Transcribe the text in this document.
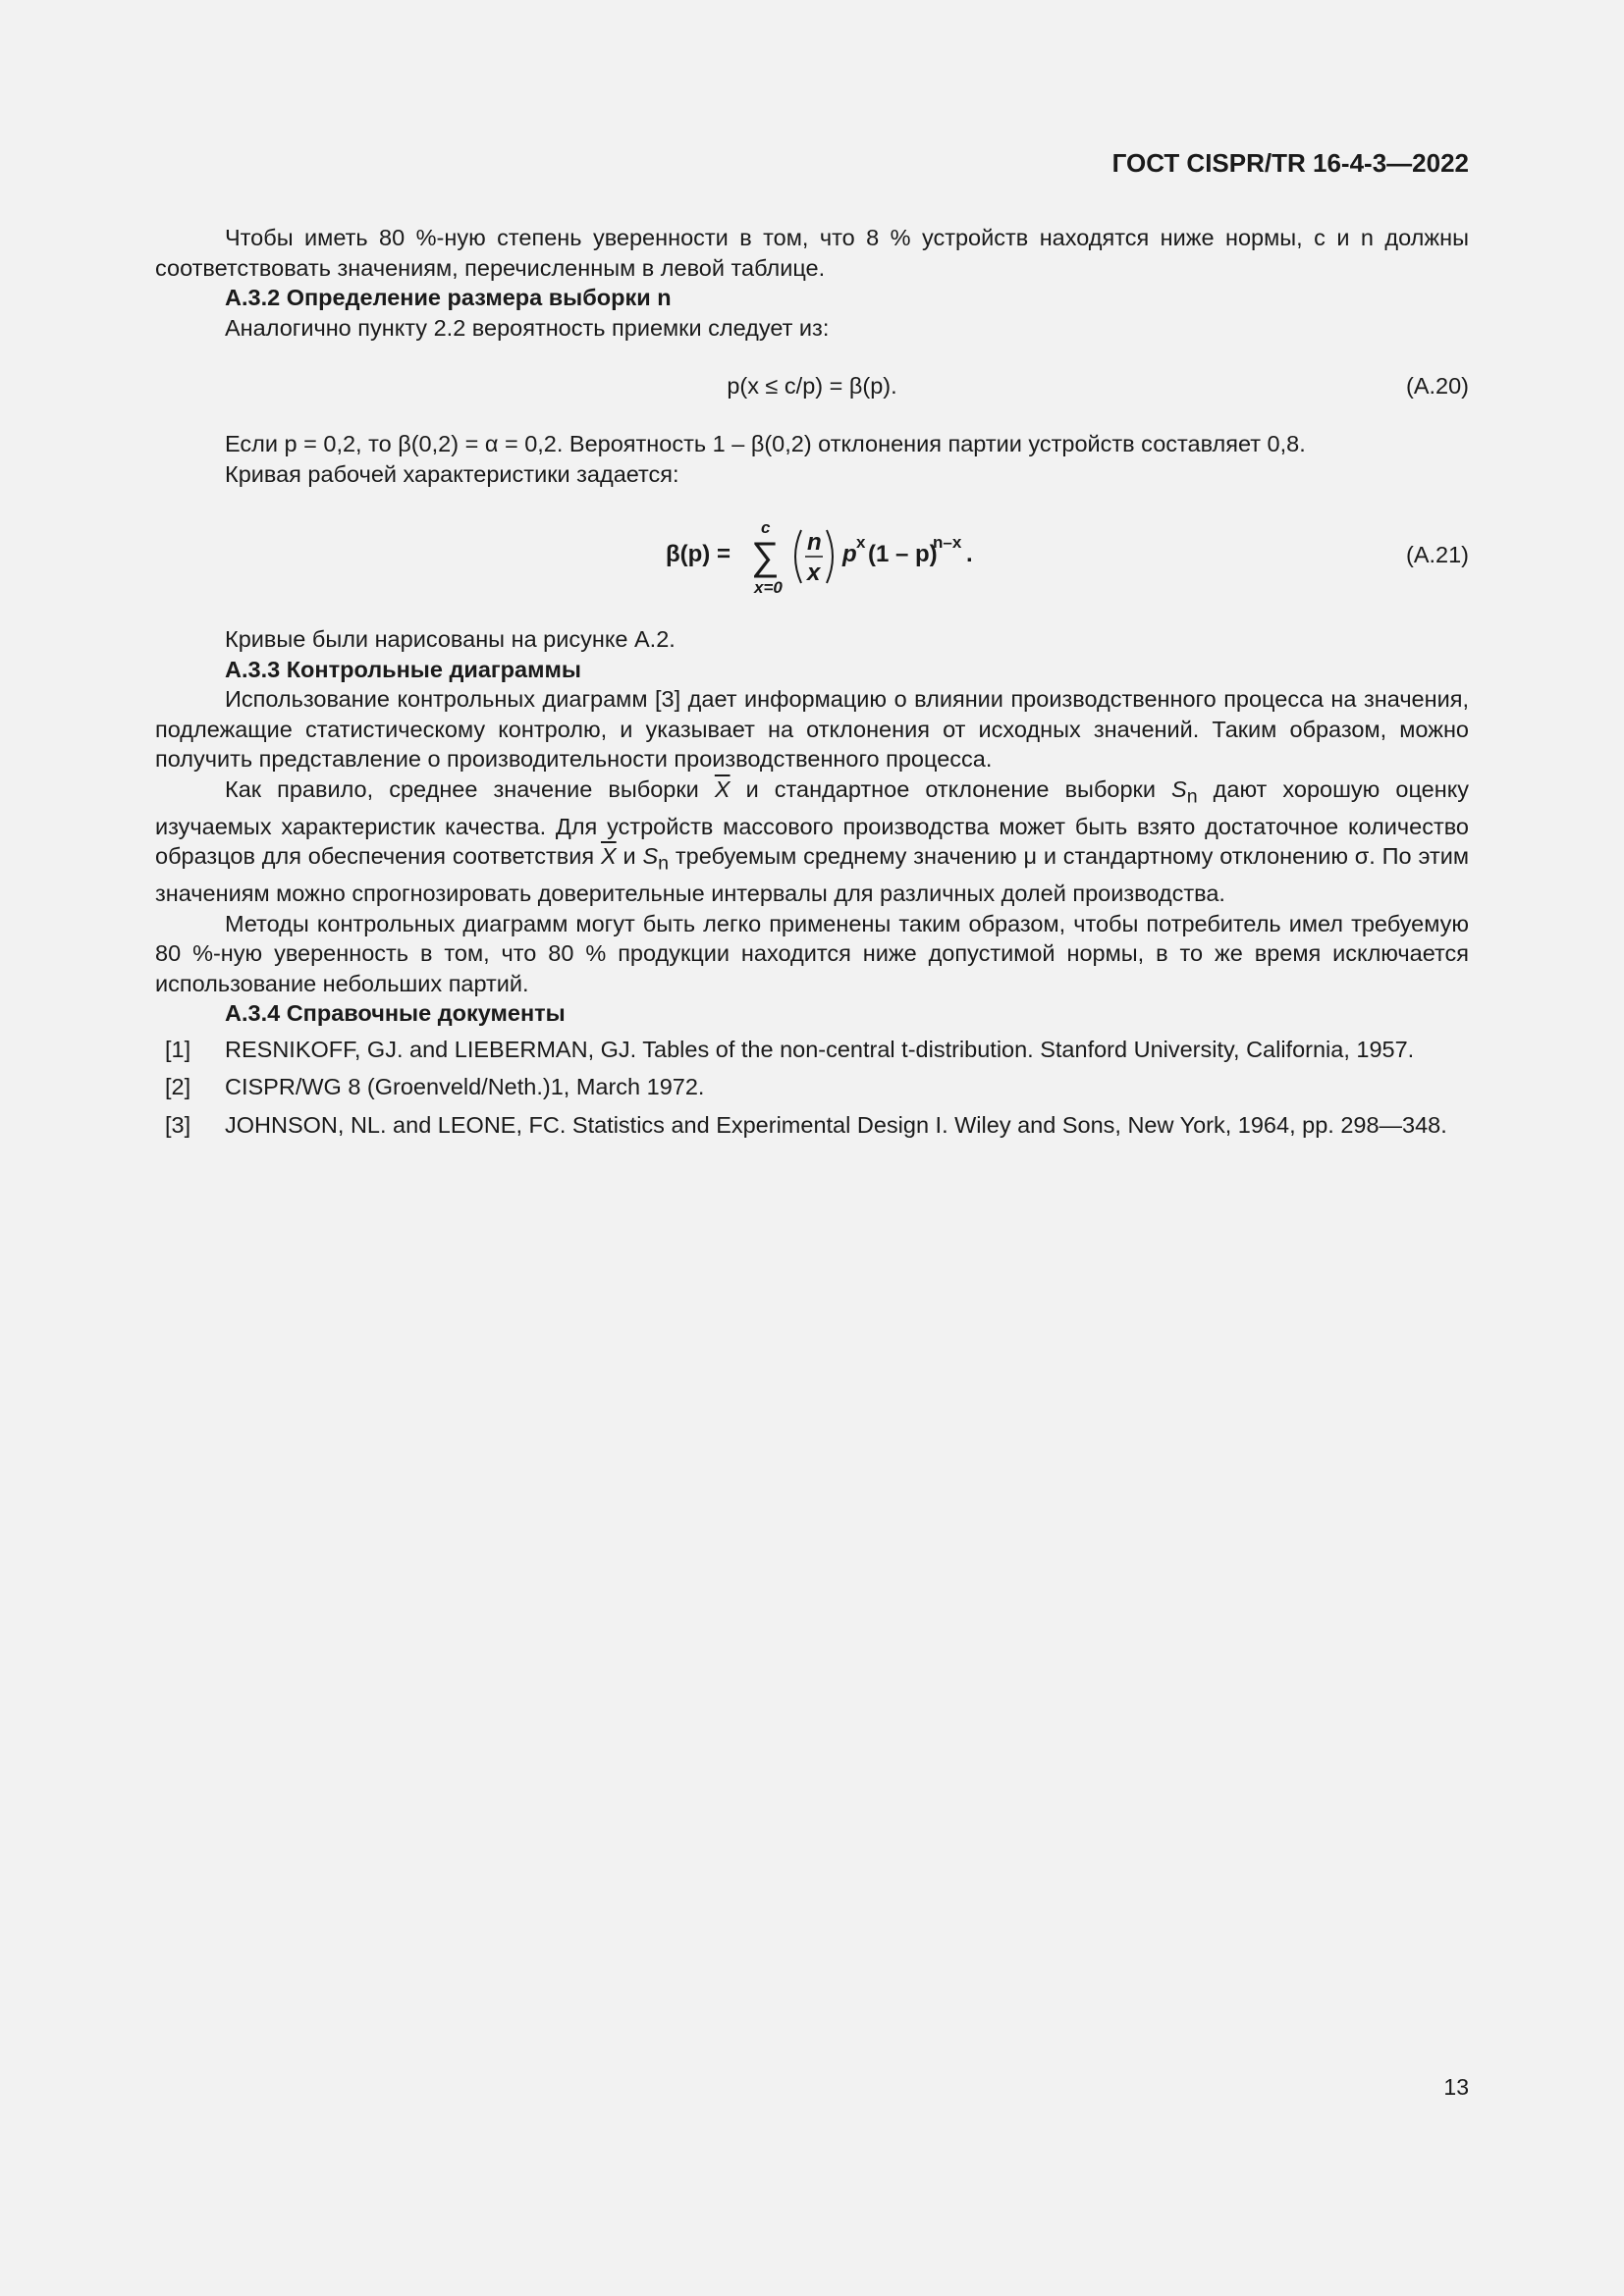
ГОСТ CISPR/TR 16-4-3—2022

Чтобы иметь 80 %-ную степень уверенности в том, что 8 % устройств находятся ниже нормы, c и n должны соответствовать значениям, перечисленным в левой таблице.

А.3.2 Определение размера выборки n
Аналогично пункту 2.2 вероятность приемки следует из:
p(x ≤ c/p) = β(p).	(А.20)
Если p = 0,2, то β(0,2) = α = 0,2. Вероятность 1 – β(0,2) отклонения партии устройств составляет 0,8.
Кривая рабочей характеристики задается:
β(p) = ∑
c
x=0
n
x
p x (1 – p)
n–x .	(А.21)
Кривые были нарисованы на рисунке А.2.
А.3.3 Контрольные диаграммы

Использование контрольных диаграмм [3] дает информацию о влиянии производственного процесса на значения, подлежащие статистическому контролю, и указывает на отклонения от исходных значений. Таким образом, можно получить представление о производительности производственного процесса.

Как правило, среднее значение выборки $\overline{X}$ и стандартное отклонение выборки $S_n$ дают хорошую оценку изучаемых характеристик качества. Для устройств массового производства может быть взято достаточное количество образцов для обеспечения соответствия $\overline{X}$ и $S_n$ требуемым среднему значению μ и стандартному отклонению σ. По этим значениям можно спрогнозировать доверительные интервалы для различных долей производства.

Методы контрольных диаграмм могут быть легко применены таким образом, чтобы потребитель имел требуемую 80 %-ную уверенность в том, что 80 % продукции находится ниже допустимой нормы, в то же время исключается использование небольших партий.

А.3.4 Справочные документы
[1]	RESNIKOFF, GJ. and LIEBERMAN, GJ. Tables of the non-central t-distribution. Stanford University, California, 1957.
[2]	CISPR/WG 8 (Groenveld/Neth.)1, March 1972.
[3]	JOHNSON, NL. and LEONE, FC. Statistics and Experimental Design I. Wiley and Sons, New York, 1964, pp. 298—348.
13
